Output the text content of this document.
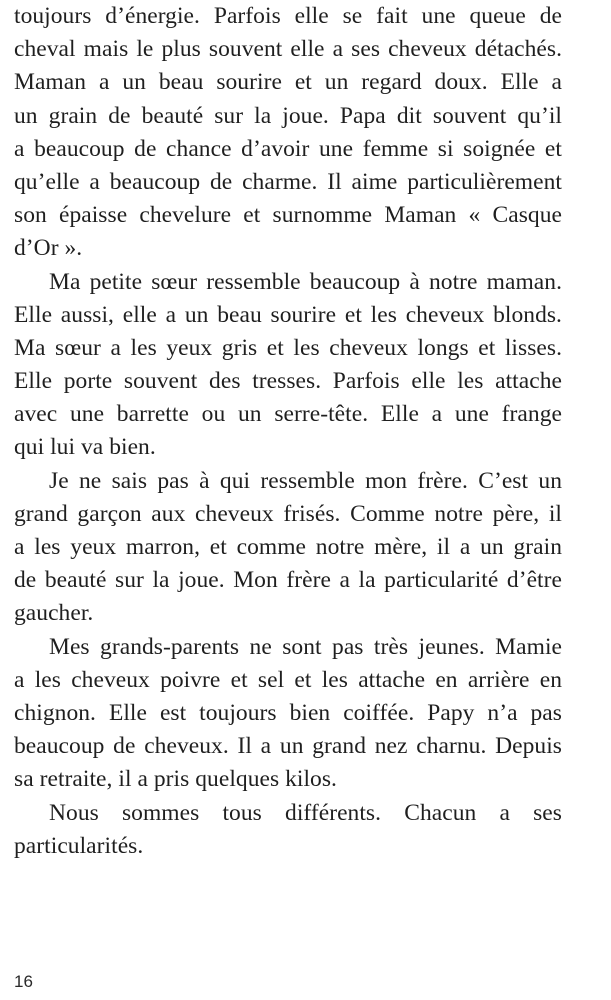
toujours d’énergie. Parfois elle se fait une queue de
cheval mais le plus souvent elle a ses cheveux détachés.
Maman a un beau sourire et un regard doux. Elle a
un grain de beauté sur la joue. Papa dit souvent qu’il
a beaucoup de chance d’avoir une femme si soignée et
qu’elle a beaucoup de charme. Il aime particulièrement
son épaisse chevelure et surnomme Maman « Casque
d’Or ».
Ma petite sœur ressemble beaucoup à notre maman.
Elle aussi, elle a un beau sourire et les cheveux blonds.
Ma sœur a les yeux gris et les cheveux longs et lisses.
Elle porte souvent des tresses. Parfois elle les attache
avec une barrette ou un serre-tête. Elle a une frange
qui lui va bien.
Je ne sais pas à qui ressemble mon frère. C’est un
grand garçon aux cheveux frisés. Comme notre père, il
a les yeux marron, et comme notre mère, il a un grain
de beauté sur la joue. Mon frère a la particularité d’être
gaucher.
Mes grands-parents ne sont pas très jeunes. Mamie
a les cheveux poivre et sel et les attache en arrière en
chignon. Elle est toujours bien coiffée. Papy n’a pas
beaucoup de cheveux. Il a un grand nez charnu. Depuis
sa retraite, il a pris quelques kilos.
Nous sommes tous différents. Chacun a ses
particularités.
16
